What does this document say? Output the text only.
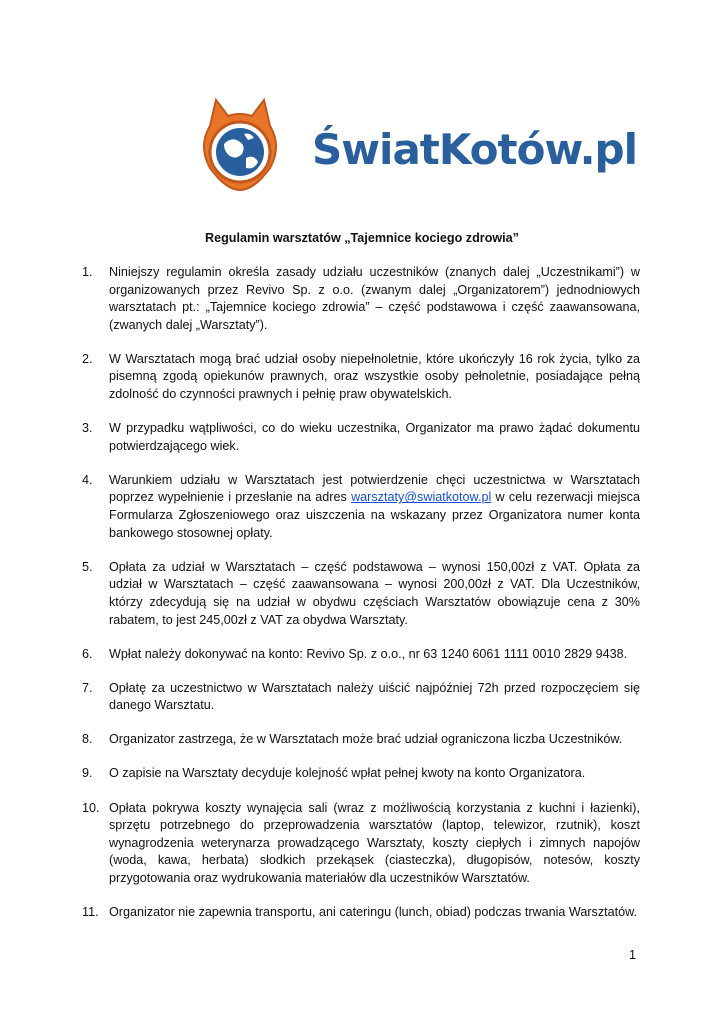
ŚwiatKotów.pl
Regulamin warsztatów „Tajemnice kociego zdrowia”
1. Niniejszy regulamin określa zasady udziału uczestników (znanych dalej „Uczestnikami”) w organizowanych przez Revivo Sp. z o.o. (zwanym dalej „Organizatorem”) jednodniowych warsztatach pt.: „Tajemnice kociego zdrowia” – część podstawowa i część zaawansowana, (zwanych dalej „Warsztaty”).
2. W Warsztatach mogą brać udział osoby niepełnoletnie, które ukończyły 16 rok życia, tylko za pisemną zgodą opiekunów prawnych, oraz wszystkie osoby pełnoletnie, posiadające pełną zdolność do czynności prawnych i pełnię praw obywatelskich.
3. W przypadku wątpliwości, co do wieku uczestnika, Organizator ma prawo żądać dokumentu potwierdzającego wiek.
4. Warunkiem udziału w Warsztatach jest potwierdzenie chęci uczestnictwa w Warsztatach poprzez wypełnienie i przesłanie na adres warsztaty@swiatkotow.pl w celu rezerwacji miejsca Formularza Zgłoszeniowego oraz uiszczenia na wskazany przez Organizatora numer konta bankowego stosownej opłaty.
5. Opłata za udział w Warsztatach – część podstawowa – wynosi 150,00zł z VAT. Opłata za udział w Warsztatach – część zaawansowana – wynosi 200,00zł z VAT. Dla Uczestników, którzy zdecydują się na udział w obydwu częściach Warsztatów obowiązuje cena z 30% rabatem, to jest 245,00zł z VAT za obydwa Warsztaty.
6. Wpłat należy dokonywać na konto: Revivo Sp. z o.o., nr 63 1240 6061 1111 0010 2829 9438.
7. Opłatę za uczestnictwo w Warsztatach należy uiścić najpóźniej 72h przed rozpoczęciem się danego Warsztatu.
8. Organizator zastrzega, że w Warsztatach może brać udział ograniczona liczba Uczestników.
9. O zapisie na Warsztaty decyduje kolejność wpłat pełnej kwoty na konto Organizatora.
10. Opłata pokrywa koszty wynajęcia sali (wraz z możliwością korzystania z kuchni i łazienki), sprzętu potrzebnego do przeprowadzenia warsztatów (laptop, telewizor, rzutnik), koszt wynagrodzenia weterynarza prowadzącego Warsztaty, koszty ciepłych i zimnych napojów (woda, kawa, herbata) słodkich przekąsek (ciasteczka), długopisów, notesów, koszty przygotowania oraz wydrukowania materiałów dla uczestników Warsztatów.
11. Organizator nie zapewnia transportu, ani cateringu (lunch, obiad) podczas trwania Warsztatów.
1
